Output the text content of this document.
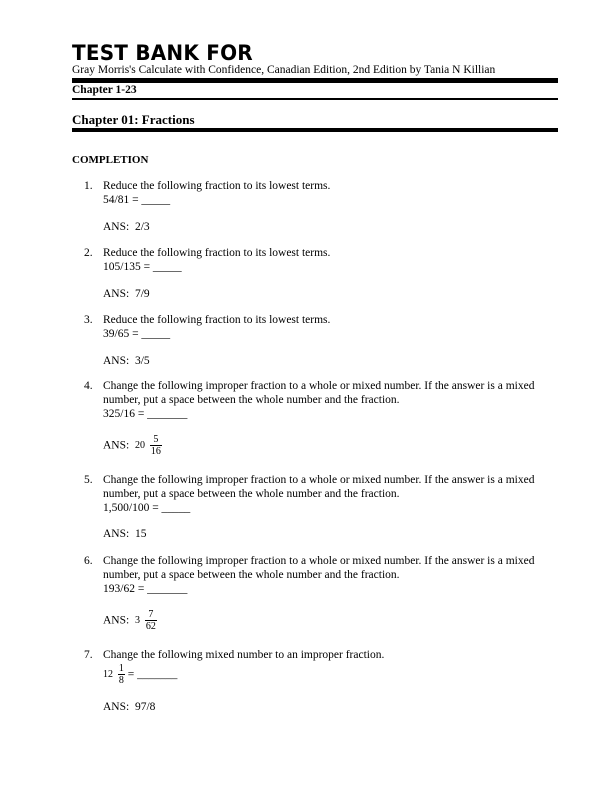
TEST BANK FOR
Gray Morris's Calculate with Confidence, Canadian Edition, 2nd Edition by Tania N Killian
Chapter 1-23
Chapter 01: Fractions
COMPLETION
1. Reduce the following fraction to its lowest terms.
54/81 = _____
ANS: 2/3
2. Reduce the following fraction to its lowest terms.
105/135 = _____
ANS: 7/9
3. Reduce the following fraction to its lowest terms.
39/65 = _____
ANS: 3/5
4. Change the following improper fraction to a whole or mixed number. If the answer is a mixed number, put a space between the whole number and the fraction.
325/16 = _______
ANS: $20 \frac{5}{16}$
5. Change the following improper fraction to a whole or mixed number. If the answer is a mixed number, put a space between the whole number and the fraction.
1,500/100 = _____
ANS: 15
6. Change the following improper fraction to a whole or mixed number. If the answer is a mixed number, put a space between the whole number and the fraction.
193/62 = _______
ANS: $3 \frac{7}{62}$
7. Change the following mixed number to an improper fraction.
$12 \frac{1}{8}$ = _______
ANS: 97/8
